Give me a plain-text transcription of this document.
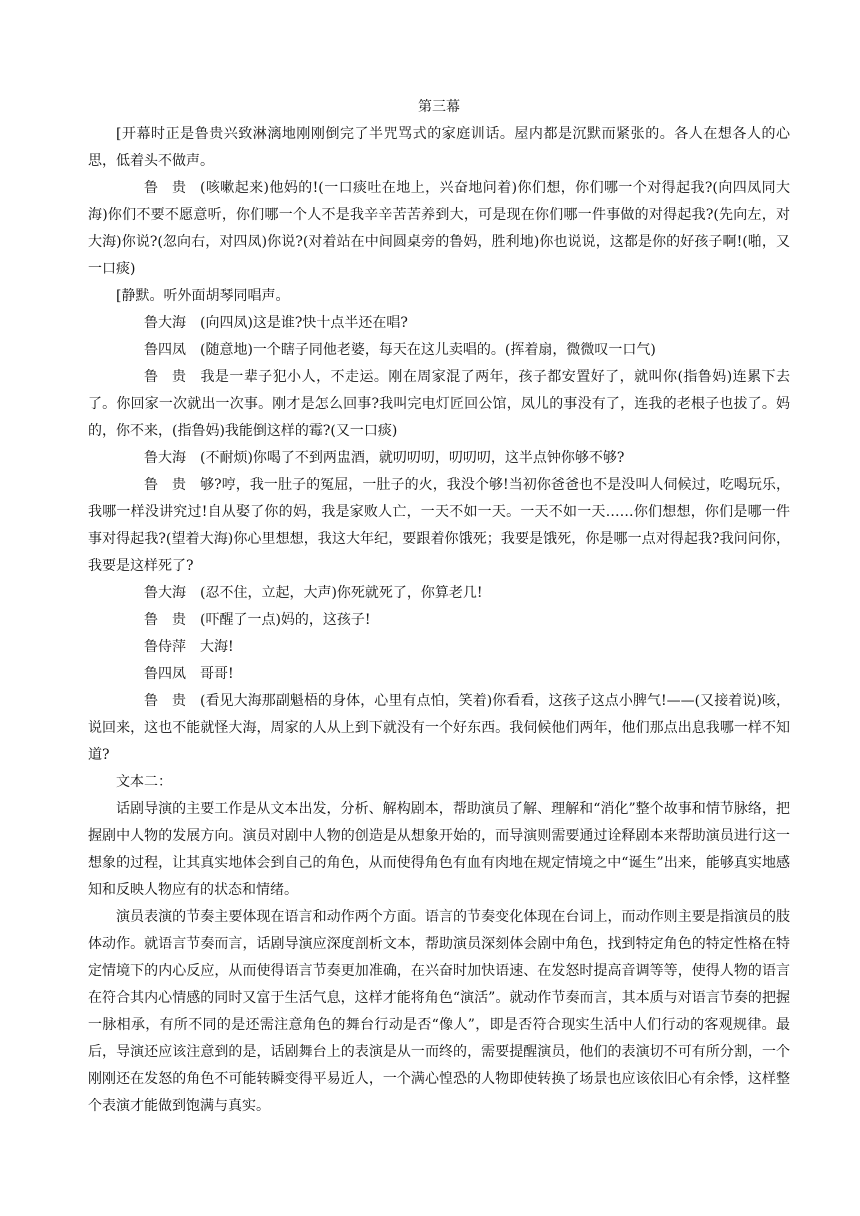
第三幕

[开幕时正是鲁贵兴致淋漓地刚刚倒完了半咒骂式的家庭训话。屋内都是沉默而紧张的。各人在想各人的心思，低着头不做声。

鲁　贵 (咳嗽起来)他妈的!(一口痰吐在地上，兴奋地问着)你们想，你们哪一个对得起我?(向四凤同大海)你们不要不愿意听，你们哪一个人不是我辛辛苦苦养到大，可是现在你们哪一件事做的对得起我?(先向左，对大海)你说?(忽向右，对四凤)你说?(对着站在中间圆桌旁的鲁妈，胜利地)你也说说，这都是你的好孩子啊!(啪，又一口痰)

[静默。听外面胡琴同唱声。

鲁大海 (向四凤)这是谁?快十点半还在唱?

鲁四凤 (随意地)一个瞎子同他老婆，每天在这儿卖唱的。(挥着扇，微微叹一口气)

鲁　贵 我是一辈子犯小人，不走运。刚在周家混了两年，孩子都安置好了，就叫你(指鲁妈)连累下去了。你回家一次就出一次事。刚才是怎么回事?我叫完电灯匠回公馆，凤儿的事没有了，连我的老根子也拔了。妈的，你不来，(指鲁妈)我能倒这样的霉?(又一口痰)

鲁大海 (不耐烦)你喝了不到两盅酒，就叨叨叨，叨叨叨，这半点钟你够不够?

鲁　贵 够?哼，我一肚子的冤屈，一肚子的火，我没个够!当初你爸爸也不是没叫人伺候过，吃喝玩乐，我哪一样没讲究过!自从娶了你的妈，我是家败人亡，一天不如一天。一天不如一天……你们想想，你们是哪一件事对得起我?(望着大海)你心里想想，我这大年纪，要跟着你饿死；我要是饿死，你是哪一点对得起我?我问问你，我要是这样死了?

鲁大海 (忍不住，立起，大声)你死就死了，你算老几!

鲁　贵 (吓醒了一点)妈的，这孩子!

鲁侍萍 大海!

鲁四凤 哥哥!

鲁　贵 (看见大海那副魁梧的身体，心里有点怕，笑着)你看看，这孩子这点小脾气!——(又接着说)咳，说回来，这也不能就怪大海，周家的人从上到下就没有一个好东西。我伺候他们两年，他们那点出息我哪一样不知道?

文本二：

话剧导演的主要工作是从文本出发，分析、解构剧本，帮助演员了解、理解和“消化”整个故事和情节脉络，把握剧中人物的发展方向。演员对剧中人物的创造是从想象开始的，而导演则需要通过诠释剧本来帮助演员进行这一想象的过程，让其真实地体会到自己的角色，从而使得角色有血有肉地在规定情境之中“诞生”出来，能够真实地感知和反映人物应有的状态和情绪。

演员表演的节奏主要体现在语言和动作两个方面。语言的节奏变化体现在台词上，而动作则主要是指演员的肢体动作。就语言节奏而言，话剧导演应深度剖析文本，帮助演员深刻体会剧中角色，找到特定角色的特定性格在特定情境下的内心反应，从而使得语言节奏更加准确，在兴奋时加快语速、在发怒时提高音调等等，使得人物的语言在符合其内心情感的同时又富于生活气息，这样才能将角色“演活”。就动作节奏而言，其本质与对语言节奏的把握一脉相承，有所不同的是还需注意角色的舞台行动是否“像人”，即是否符合现实生活中人们行动的客观规律。最后，导演还应该注意到的是，话剧舞台上的表演是从一而终的，需要提醒演员，他们的表演切不可有所分割，一个刚刚还在发怒的角色不可能转瞬变得平易近人，一个满心惶恐的人物即使转换了场景也应该依旧心有余悸，这样整个表演才能做到饱满与真实。
